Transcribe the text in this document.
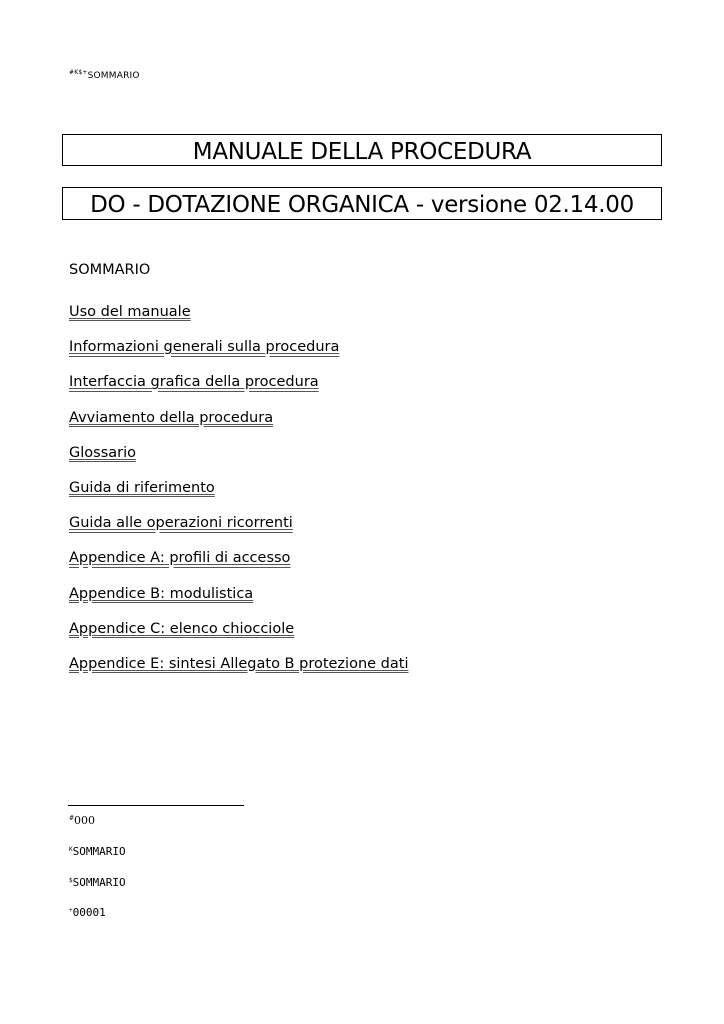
$^{\#K\$+}$SOMMARIO
MANUALE DELLA PROCEDURA
DO - DOTAZIONE ORGANICA - versione 02.14.00
SOMMARIO
Uso del manuale
Informazioni generali sulla procedura
Interfaccia grafica della procedura
Avviamento della procedura
Glossario
Guida di riferimento
Guida alle operazioni ricorrenti
Appendice A: profili di accesso
Appendice B: modulistica
Appendice C: elenco chiocciole
Appendice E: sintesi Allegato B protezione dati
#000
$^K$SOMMARIO
$SOMMARIO
+00001
